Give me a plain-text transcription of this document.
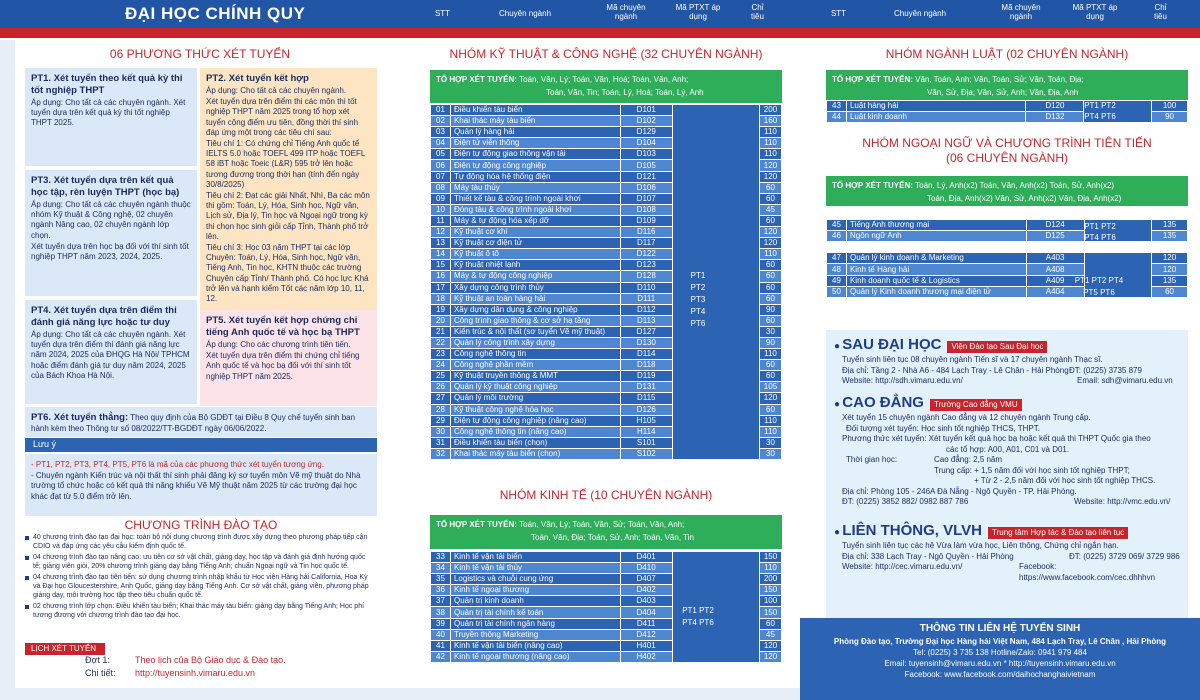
ĐẠI HỌC CHÍNH QUY	STT	Chuyên ngành
Mã chuyên ngành
Mã PTXT áp dụng
Chỉ tiêu	STT	Chuyên ngành
Mã chuyên ngành
Mã PTXT áp dụng
Chỉ tiêu
06 PHƯƠNG THỨC XÉT TUYỂN
PT1. Xét tuyển theo kết quả kỳ thi tốt nghiệp THPT

Áp dụng: Cho tất cả các chuyên ngành. Xét tuyển dựa trên kết quả kỳ thi tốt nghiệp THPT 2025.

PT2. Xét tuyển kết hợp

Áp dụng: Cho tất cả các chuyên ngành.

Xét tuyển dựa trên điểm thi các môn thi tốt nghiệp THPT năm 2025 trong tổ hợp xét tuyển cộng điểm ưu tiên, đồng thời thí sinh đáp ứng một trong các tiêu chí sau:

Tiêu chí 1: Có chứng chỉ Tiếng Anh quốc tế IELTS 5.0 hoặc TOEFL 499 ITP hoặc TOEFL 58 iBT hoặc Toeic (L&R) 595 trở lên hoặc tương đương trong thời hạn (tính đến ngày 30/8/2025)

Tiêu chí 2: Đạt các giải Nhất, Nhì, Ba các môn thi gồm: Toán, Lý, Hóa, Sinh học, Ngữ văn, Lịch sử, Địa lý, Tin học và Ngoại ngữ trong kỳ thi chọn học sinh giỏi cấp Tỉnh, Thành phố trở lên.

Tiêu chí 3: Học 03 năm THPT tại các lớp Chuyên: Toán, Lý, Hóa, Sinh học, Ngữ văn, Tiếng Anh, Tin học, KHTN thuộc các trường Chuyên cấp Tỉnh/ Thành phố. Có học lực Khá trở lên và hạnh kiểm Tốt các năm lớp 10, 11, 12.

PT3. Xét tuyển dựa trên kết quả học tập, rèn luyện THPT (học bạ)

Áp dụng: Cho tất cả các chuyên ngành thuộc nhóm Kỹ thuật & Công nghệ, 02 chuyên ngành Nâng cao, 02 chuyên ngành lớp chọn.

Xét tuyển dựa trên học bạ đối với thí sinh tốt nghiệp THPT năm 2023, 2024, 2025.

PT4. Xét tuyển dựa trên điểm thi đánh giá năng lực hoặc tư duy

Áp dụng: Cho tất cả các chuyên ngành. Xét tuyển dựa trên điểm thi đánh giá năng lực năm 2024, 2025 của ĐHQG Hà Nội/ TPHCM hoặc điểm đánh giá tư duy năm 2024, 2025 của Bách Khoa Hà Nội.

PT5. Xét tuyển kết hợp chứng chỉ tiếng Anh quốc tế và học bạ THPT

Áp dụng: Cho các chương trình tiên tiến.

Xét tuyển dựa trên điểm thi chứng chỉ tiếng Anh quốc tế và học bạ đối với thí sinh tốt nghiệp THPT năm 2025.

PT6. Xét tuyển thẳng: Theo quy định của Bộ GDĐT tại Điều 8 Quy chế tuyển sinh ban hành kèm theo Thông tư số 08/2022/TT-BGDĐT ngày 06/06/2022.
Lưu ý

- PT1, PT2, PT3, PT4, PT5, PT6 là mã của các phương thức xét tuyển tương ứng.

- Chuyên ngành Kiến trúc và nội thất thí sinh phải đăng ký sơ tuyển môn Vẽ mỹ thuật do Nhà trường tổ chức hoặc có kết quả thi năng khiếu Vẽ Mỹ thuật năm 2025 từ các trường đại học khác đạt từ 5.0 điểm trở lên.

CHƯƠNG TRÌNH ĐÀO TẠO
40 chương trình đào tạo đại học: toàn bộ nội dung chương trình được xây dựng theo phương pháp tiếp cận CDIO và đáp ứng các yêu cầu kiểm định quốc tế.
04 chương trình đào tạo nâng cao: ưu tiên cơ sở vật chất, giảng dạy, học tập và đánh giá định hướng quốc tế; giảng viên giỏi, 20% chương trình giảng dạy bằng Tiếng Anh; chuẩn Ngoại ngữ và Tin học quốc tế.
04 chương trình đào tạo tiên tiến: sử dụng chương trình nhập khẩu từ Học viện Hàng hải California, Hoa Kỳ và Đại học Gloucestershire, Anh Quốc, giảng dạy bằng Tiếng Anh. Cơ sở vật chất, giảng viên, phương pháp giảng dạy, môi trường học tập theo tiêu chuẩn quốc tế.
02 chương trình lớp chọn: Điều khiển tàu biển; Khai thác máy tàu biển: giảng dạy bằng Tiếng Anh; Học phí tương đương với chương trình đào tạo đại học.
LỊCH XÉT TUYỂN
Đợt 1:	Theo lịch của Bộ Giáo dục & Đào tạo.
Chi tiết: http://tuyensinh.vimaru.edu.vn
NHÓM KỸ THUẬT & CÔNG NGHỆ (32 CHUYÊN NGÀNH)
TỔ HỢP XÉT TUYỂN: Toán, Văn, Lý; Toán, Văn, Hoá; Toán, Văn, Anh;
Toán, Văn, Tin; Toán, Lý, Hoá; Toán, Lý, Anh
01	Điều khiển tàu biển	D101		200
02	Khai thác máy tàu biển	D102		160
03	Quản lý hàng hải	D129		110
04	Điện tử viễn thông	D104		110
05	Điện tự động giao thông vận tải	D103		110
06	Điện tự động công nghiệp	D105		120
07	Tự động hóa hệ thống điện	D121		120
08	Máy tàu thủy	D106		60
09	Thiết kế tàu & công trình ngoài khơi	D107		60
10	Đóng tàu & công trình ngoài khơi	D108		45
11	Máy & tự động hóa xếp dỡ	D109		60
12	Kỹ thuật cơ khí	D116		120
13	Kỹ thuật cơ điện tử	D117		120
14	Kỹ thuật ô tô	D122		110
15	Kỹ thuật nhiệt lạnh	D123		60
16	Máy & tự động công nghiệp	D128		60
17	Xây dựng công trình thủy	D110		60
18	Kỹ thuật an toàn hàng hải	D111		60
19	Xây dựng dân dụng & công nghiệp	D112		90
20	Công trình giao thông & cơ sở hạ tầng	D113		60
21	Kiến trúc & nội thất (sơ tuyển Vẽ mỹ thuật)	D127		30
22	Quản lý công trình xây dựng	D130		90
23	Công nghệ thông tin	D114		110
24	Công nghệ phần mềm	D118		60
25	Kỹ thuật truyền thông & MMT	D119		60
26	Quản lý kỹ thuật công nghiệp	D131		105
27	Quản lý môi trường	D115		120
28	Kỹ thuật công nghệ hóa học	D126		60
29	Điện tự động công nghiệp (nâng cao)	H105		110
30	Công nghệ thông tin (nâng cao)	H114		110
31	Điều khiển tàu biển (chọn)	S101		30
32	Khai thác máy tàu biển (chọn)	S102		30
PT1
PT2
PT3
PT4
PT6
NHÓM KINH TẾ (10 CHUYÊN NGÀNH)
TỔ HỢP XÉT TUYỂN: Toán, Văn, Lý; Toán, Văn, Sử; Toán, Văn, Anh;
Toán, Văn, Địa; Toán, Sử, Anh; Toán, Văn, Tin
33	Kinh tế vận tải biển	D401		150
34	Kinh tế vận tải thủy	D410		110
35	Logistics và chuỗi cung ứng	D407		200
36	Kinh tế ngoại thương	D402		150
37	Quản trị kinh doanh	D403		100
38	Quản trị tài chính kế toán	D404		150
39	Quản trị tài chính ngân hàng	D411		60
40	Truyền thông Marketing	D412		45
41	Kinh tế vận tải biển (nâng cao)	H401		120
42	Kinh tế ngoại thương (nâng cao)	H402		120
PT1 PT2
PT4 PT6
NHÓM NGÀNH LUẬT (02 CHUYÊN NGÀNH)
TỔ HỢP XÉT TUYỂN: Văn, Toán, Anh; Văn, Toán, Sử; Văn, Toán, Địa;
Văn, Sử, Địa; Văn, Sử, Anh; Văn, Địa, Anh
43	Luật hàng hải	D120		100
44	Luật kinh doanh	D132		90
PT1 PT2
PT4 PT6
NHÓM NGOẠI NGỮ VÀ CHƯƠNG TRÌNH TIÊN TIẾN
(06 CHUYÊN NGÀNH)
TỔ HỢP XÉT TUYỂN: Toán, Lý, Anh(x2) Toán, Văn, Anh(x2) Toán, Sử, Anh(x2)
Toán, Địa, Anh(x2) Văn, Sử, Anh(x2) Văn, Địa, Anh(x2)
NHÓM NGOẠI NGỮ (02 Chuyên ngành)				
45	Tiếng Anh thương mại	D124		135
46	Ngôn ngữ Anh	D125		135
NHÓM CHƯƠNG TRÌNH TIÊN TIẾN (04 Chuyên ngành)				
47	Quản lý kinh doanh & Marketing	A403		120
48	Kinh tế Hàng hải	A408		120
49	Kinh doanh quốc tế & Logistics	A409		135
50	Quản lý Kinh doanh thương mại điện tử	A404		60
PT1 PT2
PT4 PT6
PT1 PT2 PT4
PT5 PT6
● SAU ĐẠI HỌC Viện Đào tạo Sau Đại học
Tuyển sinh liên tục 08 chuyên ngành Tiến sĩ và 17 chuyên ngành Thạc sĩ.
Địa chỉ: Tầng 2 - Nhà A6 - 484 Lạch Tray - Lê Chân - Hải Phòng ĐT: (0225) 3735 879
Website: http://sdh.vimaru.edu.vn/	Email: sdh@vimaru.edu.vn
● CAO ĐẲNG Trường Cao đẳng VMU
Xét tuyển 15 chuyên ngành Cao đẳng và 12 chuyên ngành Trung cấp.
Đối tượng xét tuyển: Học sinh tốt nghiệp THCS, THPT.
Phương thức xét tuyển: Xét tuyển kết quả học bạ hoặc kết quả thi THPT Quốc gia theo
các tổ hợp: A00, A01, C01 và D01.
Thời gian học:	Cao đẳng: 2,5 năm
Trung cấp: + 1,5 năm đối với học sinh tốt nghiệp THPT;
+ Từ 2 - 2,5 năm đối với học sinh tốt nghiệp THCS.
Địa chỉ: Phòng 105 - 246A Đà Nẵng - Ngô Quyền - TP. Hải Phòng.
ĐT: (0225) 3852 882/ 0982 887 786	Website: http://vmc.edu.vn/
● LIÊN THÔNG, VLVH Trung tâm Hợp tác & Đào tạo liên tục
Tuyển sinh liên tục các hệ Vừa làm vừa học, Liên thông, Chứng chỉ ngắn hạn.
Địa chỉ: 338 Lạch Tray - Ngô Quyền - Hải Phòng	ĐT: (0225) 3729 069/ 3729 986
Website: http://cec.vimaru.edu.vn/	Facebook: https://www.facebook.com/cec.dhhhvn
THÔNG TIN LIÊN HỆ TUYỂN SINH
Phòng Đào tạo, Trường Đại học Hàng hải Việt Nam, 484 Lạch Tray, Lê Chân , Hải Phòng
Tel: (0225) 3 735 138 Hotline/Zalo: 0941 979 484
Email: tuyensinh@vimaru.edu.vn * http://tuyensinh.vimaru.edu.vn
Facebook: www.facebook.com/daihochanghaivietnam
